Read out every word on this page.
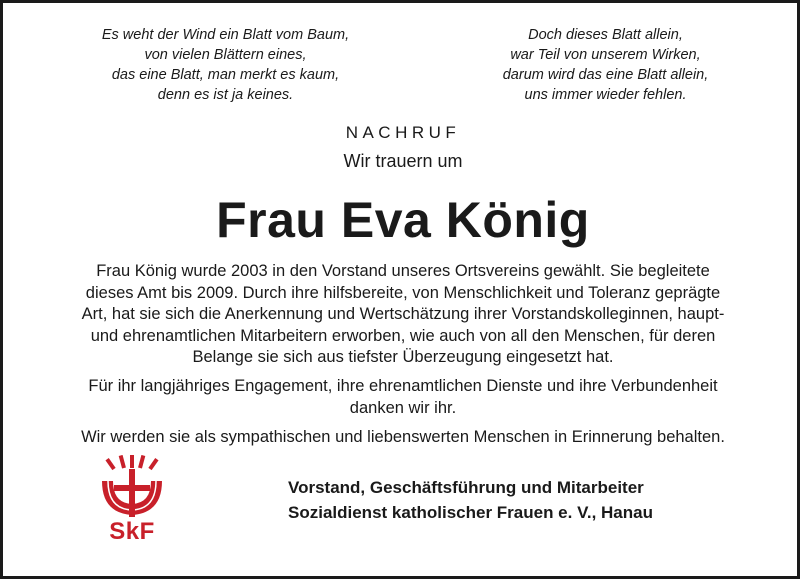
Es weht der Wind ein Blatt vom Baum,
von vielen Blättern eines,
das eine Blatt, man merkt es kaum,
denn es ist ja keines.
Doch dieses Blatt allein,
war Teil von unserem Wirken,
darum wird das eine Blatt allein,
uns immer wieder fehlen.
NACHRUF
Wir trauern um
Frau Eva König
Frau König wurde 2003 in den Vorstand unseres Ortsvereins gewählt. Sie begleitete
dieses Amt bis 2009. Durch ihre hilfsbereite, von Menschlichkeit und Toleranz geprägte
Art, hat sie sich die Anerkennung und Wertschätzung ihrer Vorstandskolleginnen, haupt-
und ehrenamtlichen Mitarbeitern erworben, wie auch von all den Menschen, für deren
Belange sie sich aus tiefster Überzeugung eingesetzt hat.
Für ihr langjähriges Engagement, ihre ehrenamtlichen Dienste und ihre Verbundenheit
danken wir ihr.
Wir werden sie als sympathischen und liebenswerten Menschen in Erinnerung behalten.
SkF
Vorstand, Geschäftsführung und Mitarbeiter
Sozialdienst katholischer Frauen e. V., Hanau
